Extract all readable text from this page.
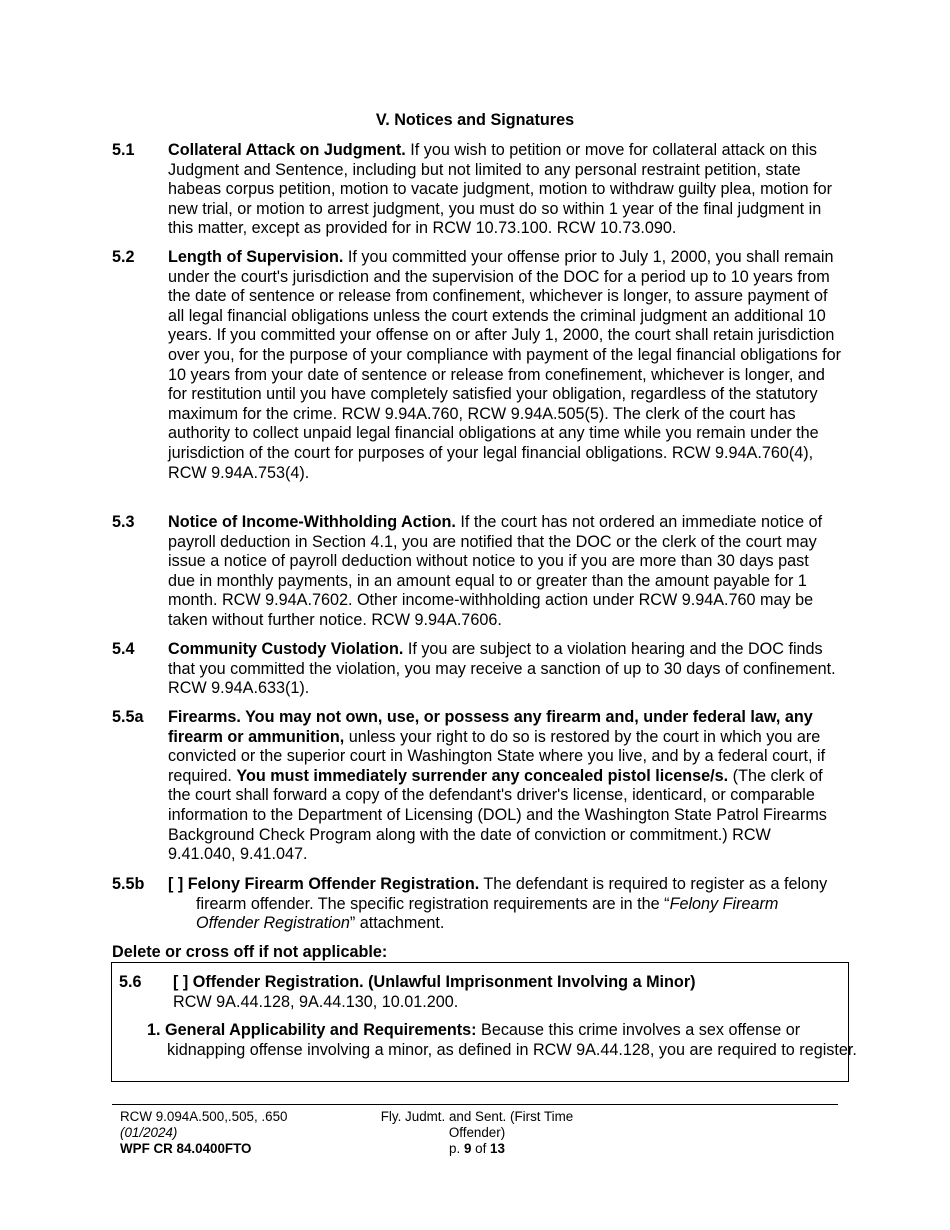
V. Notices and Signatures
5.1 Collateral Attack on Judgment. If you wish to petition or move for collateral attack on this Judgment and Sentence, including but not limited to any personal restraint petition, state habeas corpus petition, motion to vacate judgment, motion to withdraw guilty plea, motion for new trial, or motion to arrest judgment, you must do so within 1 year of the final judgment in this matter, except as provided for in RCW 10.73.100. RCW 10.73.090.
5.2 Length of Supervision. If you committed your offense prior to July 1, 2000, you shall remain under the court's jurisdiction and the supervision of the DOC for a period up to 10 years from the date of sentence or release from confinement, whichever is longer, to assure payment of all legal financial obligations unless the court extends the criminal judgment an additional 10 years. If you committed your offense on or after July 1, 2000, the court shall retain jurisdiction over you, for the purpose of your compliance with payment of the legal financial obligations for 10 years from your date of sentence or release from conefinement, whichever is longer, and for restitution until you have completely satisfied your obligation, regardless of the statutory maximum for the crime. RCW 9.94A.760, RCW 9.94A.505(5). The clerk of the court has authority to collect unpaid legal financial obligations at any time while you remain under the jurisdiction of the court for purposes of your legal financial obligations. RCW 9.94A.760(4), RCW 9.94A.753(4).
5.3 Notice of Income-Withholding Action. If the court has not ordered an immediate notice of payroll deduction in Section 4.1, you are notified that the DOC or the clerk of the court may issue a notice of payroll deduction without notice to you if you are more than 30 days past due in monthly payments, in an amount equal to or greater than the amount payable for 1 month. RCW 9.94A.7602. Other income-withholding action under RCW 9.94A.760 may be taken without further notice. RCW 9.94A.7606.
5.4 Community Custody Violation. If you are subject to a violation hearing and the DOC finds that you committed the violation, you may receive a sanction of up to 30 days of confinement. RCW 9.94A.633(1).
5.5a Firearms. You may not own, use, or possess any firearm and, under federal law, any firearm or ammunition, unless your right to do so is restored by the court in which you are convicted or the superior court in Washington State where you live, and by a federal court, if required. You must immediately surrender any concealed pistol license/s. (The clerk of the court shall forward a copy of the defendant's driver's license, identicard, or comparable information to the Department of Licensing (DOL) and the Washington State Patrol Firearms Background Check Program along with the date of conviction or commitment.) RCW 9.41.040, 9.41.047.
5.5b [ ] Felony Firearm Offender Registration. The defendant is required to register as a felony firearm offender. The specific registration requirements are in the “Felony Firearm Offender Registration” attachment.
Delete or cross off if not applicable:
5.6 [ ] Offender Registration. (Unlawful Imprisonment Involving a Minor)
RCW 9A.44.128, 9A.44.130, 10.01.200.
1. General Applicability and Requirements: Because this crime involves a sex offense or kidnapping offense involving a minor, as defined in RCW 9A.44.128, you are required to register.
RCW 9.094A.500,.505, .650
(01/2024)
WPF CR 84.0400FTO
Fly. Judmt. and Sent. (First Time
Offender)
p. 9 of 13
